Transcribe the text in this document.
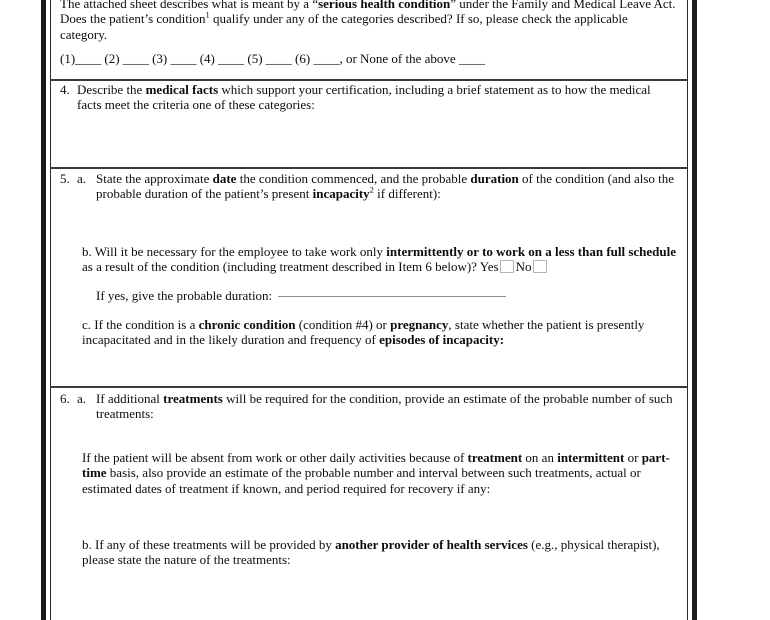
The attached sheet describes what is meant by a “serious health condition” under the Family and Medical Leave Act.

Does the patient’s condition$^1$ qualify under any of the categories described? If so, please check the applicable category.

(1)____ (2) ____ (3) ____ (4) ____ (5) ____ (6) ____, or None of the above ____

4. Describe the medical facts which support your certification, including a brief statement as to how the medical facts meet the criteria one of these categories:
5. a. State the approximate date the condition commenced, and the probable duration of the condition (and also the probable duration of the patient’s present incapacity$^2$ if different):

b. Will it be necessary for the employee to take work only intermittently or to work on a less than full schedule as a result of the condition (including treatment described in Item 6 below)? Yes No

If yes, give the probable duration:

c. If the condition is a chronic condition (condition #4) or pregnancy, state whether the patient is presently incapacitated and in the likely duration and frequency of episodes of incapacity:

6. a. If additional treatments will be required for the condition, provide an estimate of the probable number of such treatments:

If the patient will be absent from work or other daily activities because of treatment on an intermittent or part-time basis, also provide an estimate of the probable number and interval between such treatments, actual or estimated dates of treatment if known, and period required for recovery if any:

b. If any of these treatments will be provided by another provider of health services (e.g., physical therapist), please state the nature of the treatments:
